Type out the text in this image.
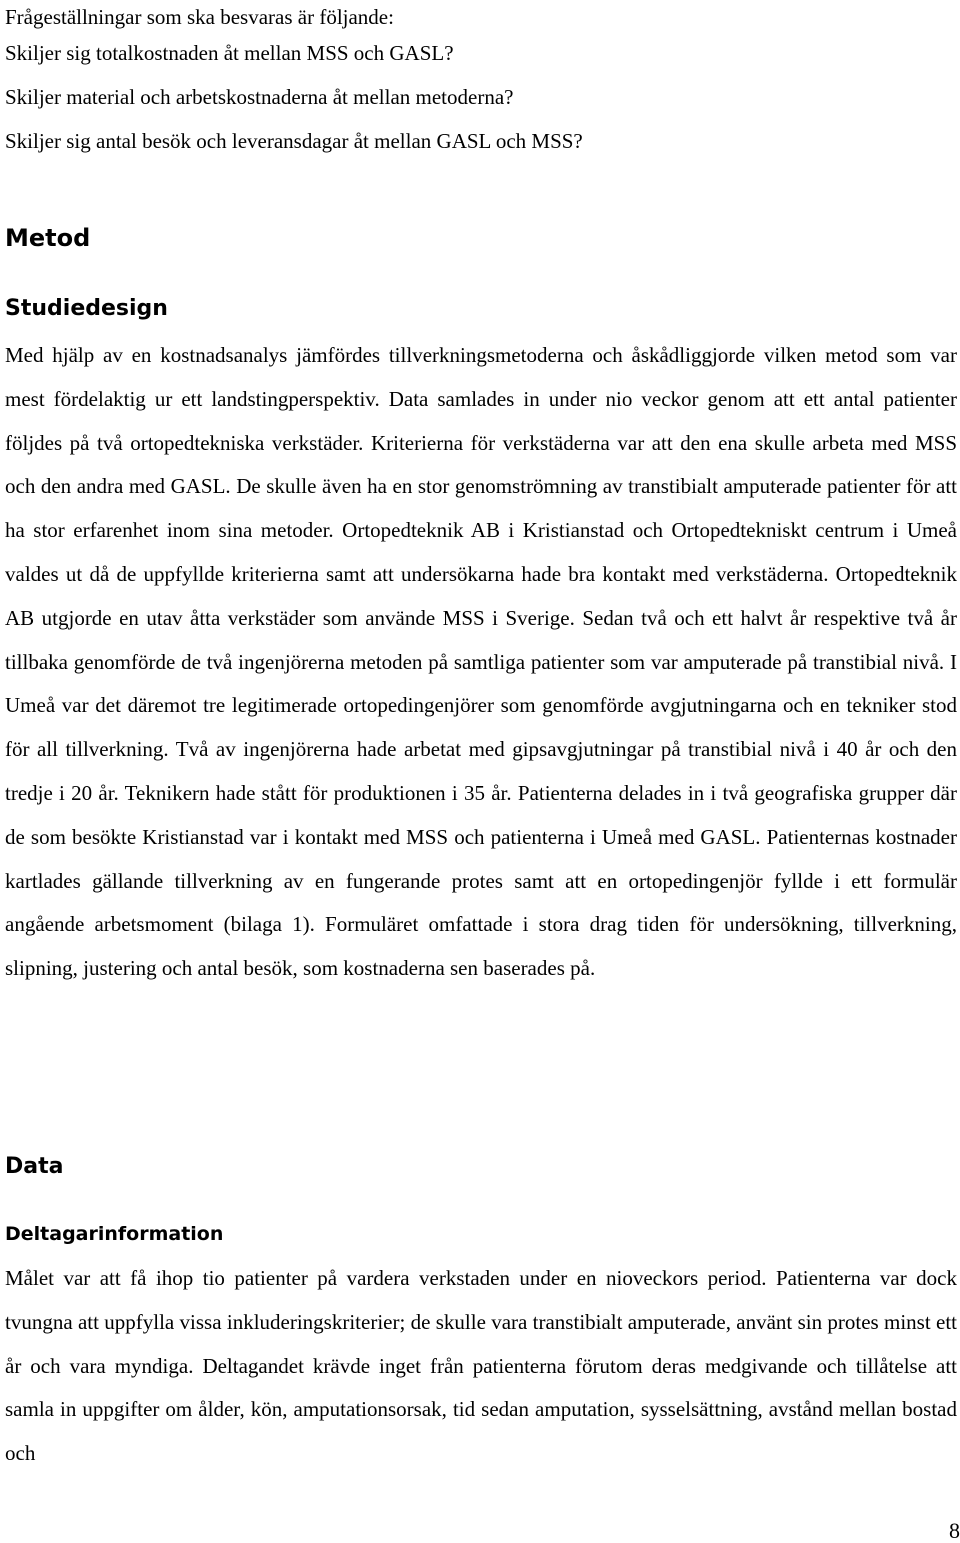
Frågeställningar som ska besvaras är följande:

Skiljer sig totalkostnaden åt mellan MSS och GASL?

Skiljer material och arbetskostnaderna åt mellan metoderna?

Skiljer sig antal besök och leveransdagar åt mellan GASL och MSS?

Metod
Studiedesign

Med hjälp av en kostnadsanalys jämfördes tillverkningsmetoderna och åskådliggjorde vilken metod som var mest fördelaktig ur ett landstingperspektiv. Data samlades in under nio veckor genom att ett antal patienter följdes på två ortopedtekniska verkstäder. Kriterierna för verkstäderna var att den ena skulle arbeta med MSS och den andra med GASL. De skulle även ha en stor genomströmning av transtibialt amputerade patienter för att ha stor erfarenhet inom sina metoder. Ortopedteknik AB i Kristianstad och Ortopedtekniskt centrum i Umeå valdes ut då de uppfyllde kriterierna samt att undersökarna hade bra kontakt med verkstäderna. Ortopedteknik AB utgjorde en utav åtta verkstäder som använde MSS i Sverige. Sedan två och ett halvt år respektive två år tillbaka genomförde de två ingenjörerna metoden på samtliga patienter som var amputerade på transtibial nivå. I Umeå var det däremot tre legitimerade ortopedingenjörer som genomförde avgjutningarna och en tekniker stod för all tillverkning. Två av ingenjörerna hade arbetat med gipsavgjutningar på transtibial nivå i 40 år och den tredje i 20 år. Teknikern hade stått för produktionen i 35 år. Patienterna delades in i två geografiska grupper där de som besökte Kristianstad var i kontakt med MSS och patienterna i Umeå med GASL. Patienternas kostnader kartlades gällande tillverkning av en fungerande protes samt att en ortopedingenjör fyllde i ett formulär angående arbetsmoment (bilaga 1). Formuläret omfattade i stora drag tiden för undersökning, tillverkning, slipning, justering och antal besök, som kostnaderna sen baserades på.

Data
Deltagarinformation

Målet var att få ihop tio patienter på vardera verkstaden under en nioveckors period. Patienterna var dock tvungna att uppfylla vissa inkluderingskriterier; de skulle vara transtibialt amputerade, använt sin protes minst ett år och vara myndiga. Deltagandet krävde inget från patienterna förutom deras medgivande och tillåtelse att samla in uppgifter om ålder, kön, amputationsorsak, tid sedan amputation, sysselsättning, avstånd mellan bostad och

8
